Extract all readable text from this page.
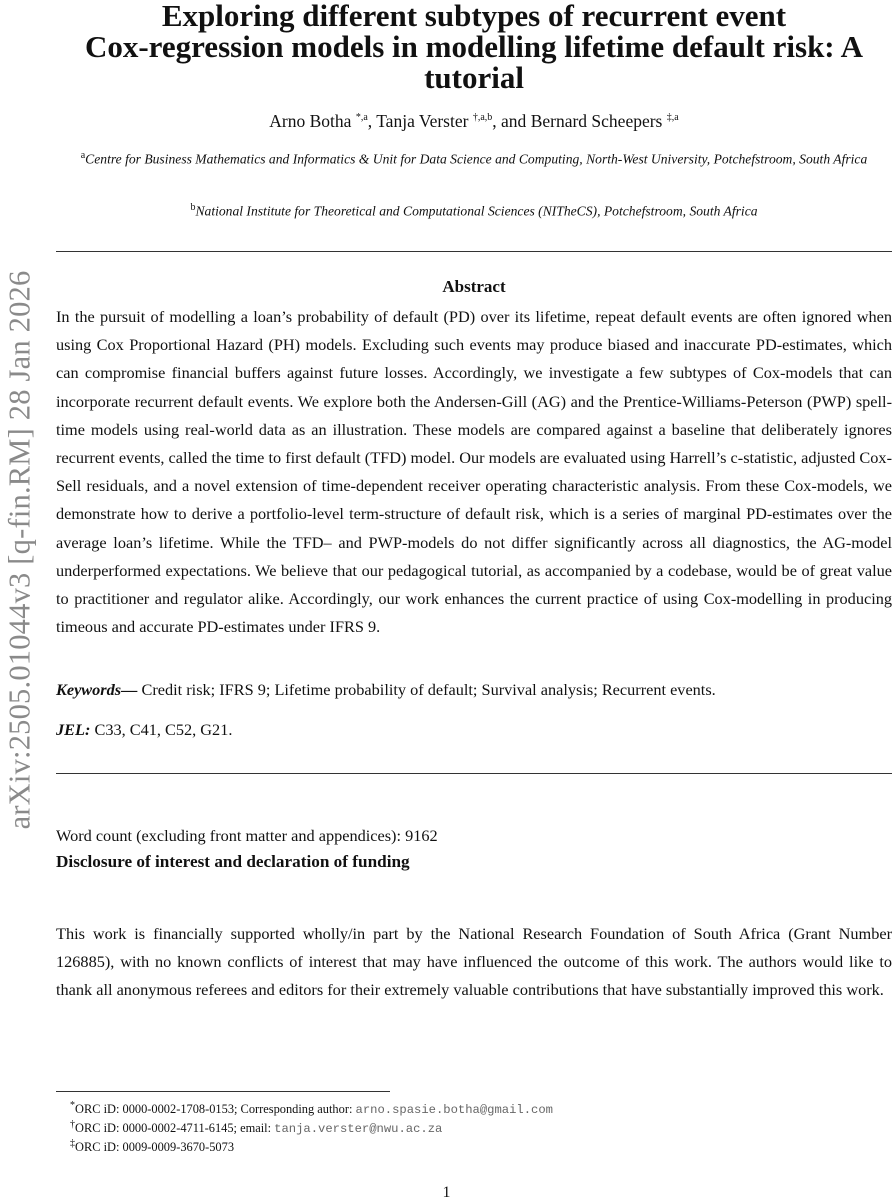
arXiv:2505.01044v3 [q-fin.RM] 28 Jan 2026
Exploring different subtypes of recurrent event
Cox-regression models in modelling lifetime default risk: A
tutorial
Arno Botha $^{*,a}$, Tanja Verster $^{\dagger,a,b}$, and Bernard Scheepers $^{\ddagger,a}$
$^a$Centre for Business Mathematics and Informatics & Unit for Data Science and Computing, North-West University, Potchefstroom, South Africa
$^b$National Institute for Theoretical and Computational Sciences (NITheCS), Potchefstroom, South Africa
Abstract

In the pursuit of modelling a loan’s probability of default (PD) over its lifetime, repeat default events are often ignored when using Cox Proportional Hazard (PH) models. Excluding such events may produce biased and inaccurate PD-estimates, which can compromise financial buffers against future losses. Accordingly, we investigate a few subtypes of Cox-models that can incorporate recurrent default events. We explore both the Andersen-Gill (AG) and the Prentice-Williams-Peterson (PWP) spell-time models using real-world data as an illustration. These models are compared against a baseline that deliberately ignores recurrent events, called the time to first default (TFD) model. Our models are evaluated using Harrell’s c-statistic, adjusted Cox-Sell residuals, and a novel extension of time-dependent receiver operating characteristic analysis. From these Cox-models, we demonstrate how to derive a portfolio-level term-structure of default risk, which is a series of marginal PD-estimates over the average loan’s lifetime. While the TFD– and PWP-models do not differ significantly across all diagnostics, the AG-model underperformed expectations. We believe that our pedagogical tutorial, as accompanied by a codebase, would be of great value to practitioner and regulator alike. Accordingly, our work enhances the current practice of using Cox-modelling in producing timeous and accurate PD-estimates under IFRS 9.

Keywords— Credit risk; IFRS 9; Lifetime probability of default; Survival analysis; Recurrent events.
JEL: C33, C41, C52, G21.
Word count (excluding front matter and appendices): 9162
Disclosure of interest and declaration of funding

This work is financially supported wholly/in part by the National Research Foundation of South Africa (Grant Number 126885), with no known conflicts of interest that may have influenced the outcome of this work. The authors would like to thank all anonymous referees and editors for their extremely valuable contributions that have substantially improved this work.

*ORC iD: 0000-0002-1708-0153; Corresponding author: arno.spasie.botha@gmail.com
†ORC iD: 0000-0002-4711-6145; email: tanja.verster@nwu.ac.za
‡ORC iD: 0009-0009-3670-5073
1
